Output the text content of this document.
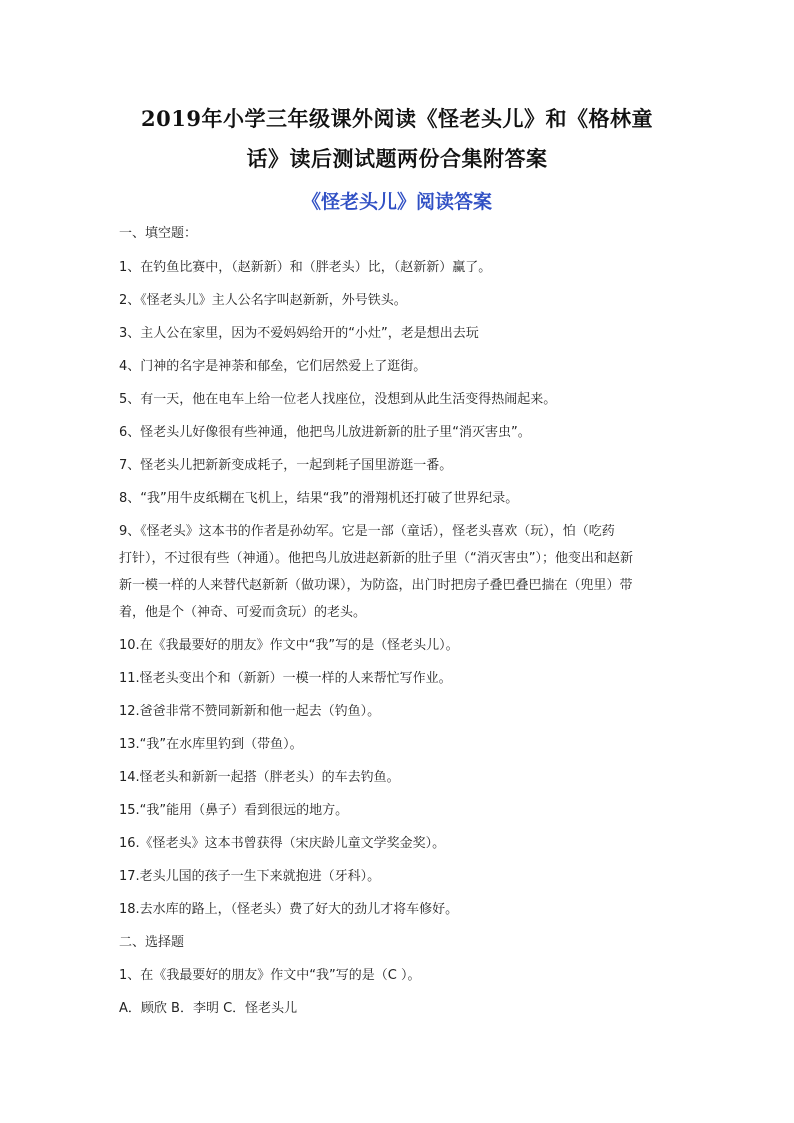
2019年小学三年级课外阅读《怪老头儿》和《格林童
话》读后测试题两份合集附答案
《怪老头儿》阅读答案
一、填空题：
1、在钓鱼比赛中，（赵新新）和（胖老头）比，（赵新新）赢了。
2、《怪老头儿》主人公名字叫赵新新，外号铁头。
3、主人公在家里，因为不爱妈妈给开的“小灶”，老是想出去玩
4、门神的名字是神荼和郁垒，它们居然爱上了逛街。
5、有一天，他在电车上给一位老人找座位，没想到从此生活变得热闹起来。
6、怪老头儿好像很有些神通，他把鸟儿放进新新的肚子里“消灭害虫”。
7、怪老头儿把新新变成耗子，一起到耗子国里游逛一番。
8、“我”用牛皮纸糊在飞机上，结果“我”的滑翔机还打破了世界纪录。
9、《怪老头》这本书的作者是孙幼军。它是一部（童话），怪老头喜欢（玩），怕（吃药
打针），不过很有些（神通）。他把鸟儿放进赵新新的肚子里（“消灭害虫”）；他变出和赵新
新一模一样的人来替代赵新新（做功课），为防盗，出门时把房子叠巴叠巴揣在（兜里）带
着，他是个（神奇、可爱而贪玩）的老头。
10.在《我最要好的朋友》作文中“我”写的是（怪老头儿）。
11.怪老头变出个和（新新）一模一样的人来帮忙写作业。
12.爸爸非常不赞同新新和他一起去（钓鱼）。
13.“我”在水库里钓到（带鱼）。
14.怪老头和新新一起搭（胖老头）的车去钓鱼。
15.“我”能用（鼻子）看到很远的地方。
16.《怪老头》这本书曾获得（宋庆龄儿童文学奖金奖）。
17.老头儿国的孩子一生下来就抱进（牙科）。
18.去水库的路上，（怪老头）费了好大的劲儿才将车修好。
二、选择题
1、在《我最要好的朋友》作文中“我”写的是（C ）。
A．顾欣 B．李明 C．怪老头儿
